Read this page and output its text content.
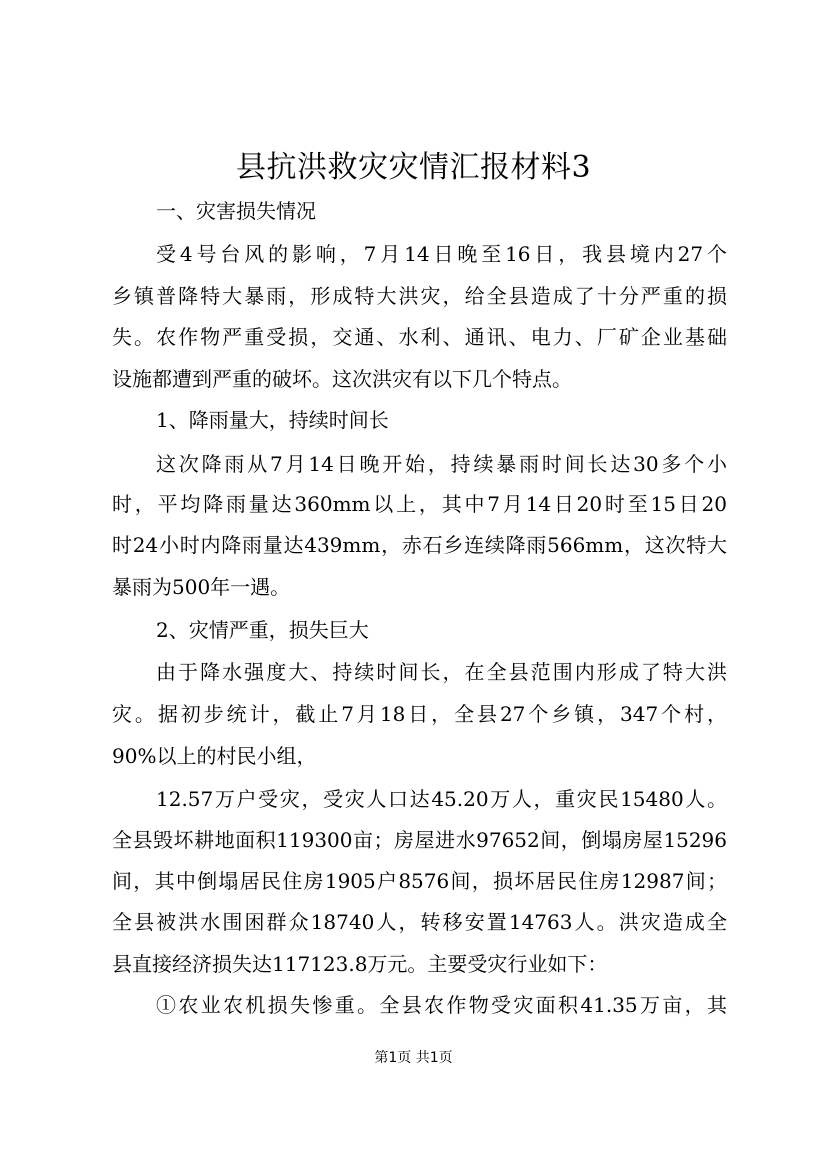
县抗洪救灾灾情汇报材料3
一、灾害损失情况
受4号台风的影响，7月14日晚至16日，我县境内27个
乡镇普降特大暴雨，形成特大洪灾，给全县造成了十分严重的损
失。农作物严重受损，交通、水利、通讯、电力、厂矿企业基础
设施都遭到严重的破坏。这次洪灾有以下几个特点。
1、降雨量大，持续时间长
这次降雨从7月14日晚开始，持续暴雨时间长达30多个小
时，平均降雨量达360mm以上，其中7月14日20时至15日20
时24小时内降雨量达439mm，赤石乡连续降雨566mm，这次特大
暴雨为500年一遇。
2、灾情严重，损失巨大
由于降水强度大、持续时间长，在全县范围内形成了特大洪
灾。据初步统计，截止7月18日，全县27个乡镇，347个村，
90%以上的村民小组，
12.57万户受灾，受灾人口达45.20万人，重灾民15480人。
全县毁坏耕地面积119300亩；房屋进水97652间，倒塌房屋15296
间，其中倒塌居民住房1905户8576间，损坏居民住房12987间；
全县被洪水围困群众18740人，转移安置14763人。洪灾造成全
县直接经济损失达117123.8万元。主要受灾行业如下：
①农业农机损失惨重。全县农作物受灾面积41.35万亩，其
第1页 共1页
